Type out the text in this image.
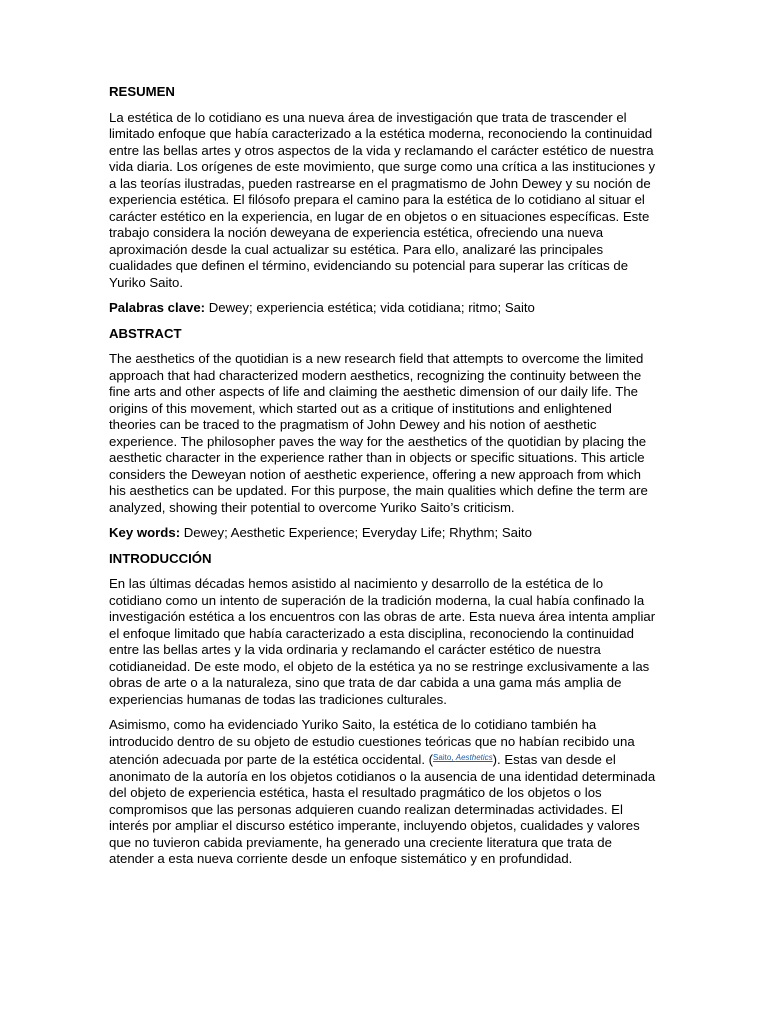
RESUMEN

La estética de lo cotidiano es una nueva área de investigación que trata de trascender el limitado enfoque que había caracterizado a la estética moderna, reconociendo la continuidad entre las bellas artes y otros aspectos de la vida y reclamando el carácter estético de nuestra vida diaria. Los orígenes de este movimiento, que surge como una crítica a las instituciones y a las teorías ilustradas, pueden rastrearse en el pragmatismo de John Dewey y su noción de experiencia estética. El filósofo prepara el camino para la estética de lo cotidiano al situar el carácter estético en la experiencia, en lugar de en objetos o en situaciones específicas. Este trabajo considera la noción deweyana de experiencia estética, ofreciendo una nueva aproximación desde la cual actualizar su estética. Para ello, analizaré las principales cualidades que definen el término, evidenciando su potencial para superar las críticas de Yuriko Saito.

Palabras clave: Dewey; experiencia estética; vida cotidiana; ritmo; Saito

ABSTRACT

The aesthetics of the quotidian is a new research field that attempts to overcome the limited approach that had characterized modern aesthetics, recognizing the continuity between the fine arts and other aspects of life and claiming the aesthetic dimension of our daily life. The origins of this movement, which started out as a critique of institutions and enlightened theories can be traced to the pragmatism of John Dewey and his notion of aesthetic experience. The philosopher paves the way for the aesthetics of the quotidian by placing the aesthetic character in the experience rather than in objects or specific situations. This article considers the Deweyan notion of aesthetic experience, offering a new approach from which his aesthetics can be updated. For this purpose, the main qualities which define the term are analyzed, showing their potential to overcome Yuriko Saito’s criticism.

Key words: Dewey; Aesthetic Experience; Everyday Life; Rhythm; Saito

INTRODUCCIÓN

En las últimas décadas hemos asistido al nacimiento y desarrollo de la estética de lo cotidiano como un intento de superación de la tradición moderna, la cual había confinado la investigación estética a los encuentros con las obras de arte. Esta nueva área intenta ampliar el enfoque limitado que había caracterizado a esta disciplina, reconociendo la continuidad entre las bellas artes y la vida ordinaria y reclamando el carácter estético de nuestra cotidianeidad. De este modo, el objeto de la estética ya no se restringe exclusivamente a las obras de arte o a la naturaleza, sino que trata de dar cabida a una gama más amplia de experiencias humanas de todas las tradiciones culturales.

Asimismo, como ha evidenciado Yuriko Saito, la estética de lo cotidiano también ha introducido dentro de su objeto de estudio cuestiones teóricas que no habían recibido una atención adecuada por parte de la estética occidental. ($^{Saito, Aesthetics}$). Estas van desde el anonimato de la autoría en los objetos cotidianos o la ausencia de una identidad determinada del objeto de experiencia estética, hasta el resultado pragmático de los objetos o los compromisos que las personas adquieren cuando realizan determinadas actividades. El interés por ampliar el discurso estético imperante, incluyendo objetos, cualidades y valores que no tuvieron cabida previamente, ha generado una creciente literatura que trata de atender a esta nueva corriente desde un enfoque sistemático y en profundidad.
